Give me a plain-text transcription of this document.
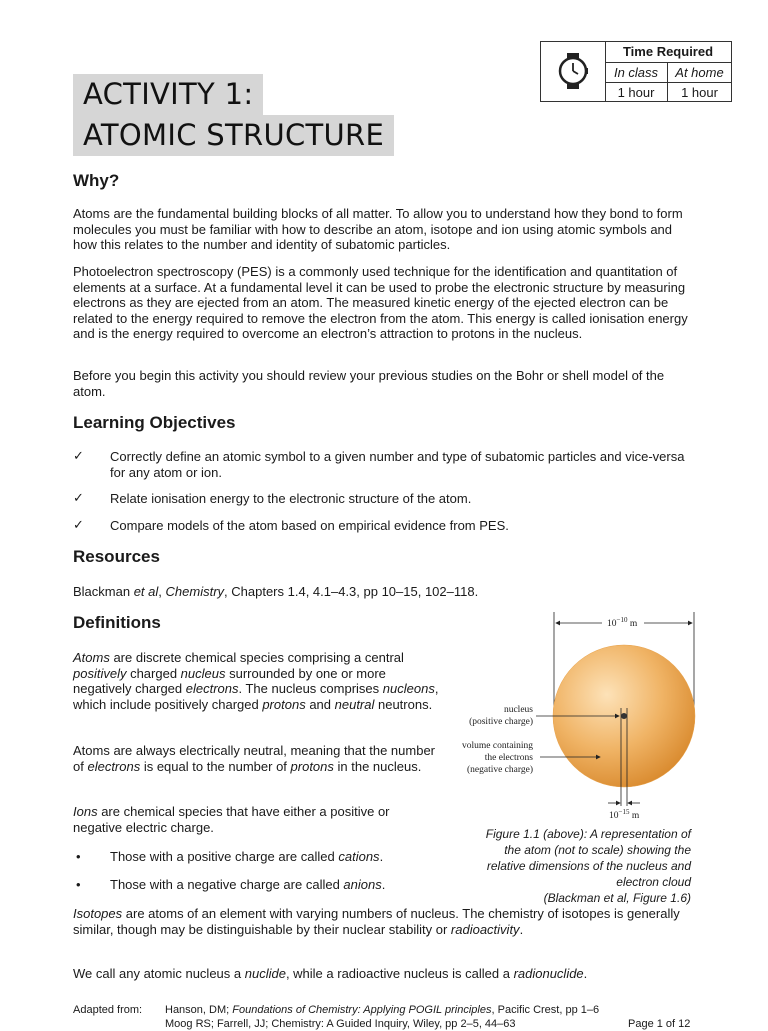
ACTIVITY 1:
ATOMIC STRUCTURE
Time Required
In class	At home
1 hour	1 hour
Why?

Atoms are the fundamental building blocks of all matter. To allow you to understand how they bond to form molecules you must be familiar with how to describe an atom, isotope and ion using atomic symbols and how this relates to the number and identity of subatomic particles.

Photoelectron spectroscopy (PES) is a commonly used technique for the identification and quantitation of elements at a surface. At a fundamental level it can be used to probe the electronic structure by measuring electrons as they are ejected from an atom. The measured kinetic energy of the ejected electron can be related to the energy required to remove the electron from the atom. This energy is called ionisation energy and is the energy required to overcome an electron’s attraction to protons in the nucleus.

Before you begin this activity you should review your previous studies on the Bohr or shell model of the atom.

Learning Objectives
✓ Correctly define an atomic symbol to a given number and type of subatomic particles and vice-versa for any atom or ion.
✓ Relate ionisation energy to the electronic structure of the atom.
✓ Compare models of the atom based on empirical evidence from PES.
Resources

Blackman et al, Chemistry, Chapters 1.4, 4.1–4.3, pp 10–15, 102–118.

Definitions

Atoms are discrete chemical species comprising a central positively charged nucleus surrounded by one or more negatively charged electrons. The nucleus comprises nucleons, which include positively charged protons and neutral neutrons.

Atoms are always electrically neutral, meaning that the number of electrons is equal to the number of protons in the nucleus.

Ions are chemical species that have either a positive or negative electric charge.

• Those with a positive charge are called cations.

• Those with a negative charge are called anions.

Isotopes are atoms of an element with varying numbers of nucleus. The chemistry of isotopes is generally similar, though may be distinguishable by their nuclear stability or radioactivity.

We call any atomic nucleus a nuclide, while a radioactive nucleus is called a radionuclide.

$10^{-10}$ m
nucleus
(positive charge)
volume containing
the electrons
(negative charge)
$10^{-15}$ m
Figure 1.1 (above): A representation of
the atom (not to scale) showing the
relative dimensions of the nucleus and
electron cloud
(Blackman et al, Figure 1.6)
Adapted from: Hanson, DM; Foundations of Chemistry: Applying POGIL principles, Pacific Crest, pp 1–6
Moog RS; Farrell, JJ; Chemistry: A Guided Inquiry, Wiley, pp 2–5, 44–63	Page 1 of 12
